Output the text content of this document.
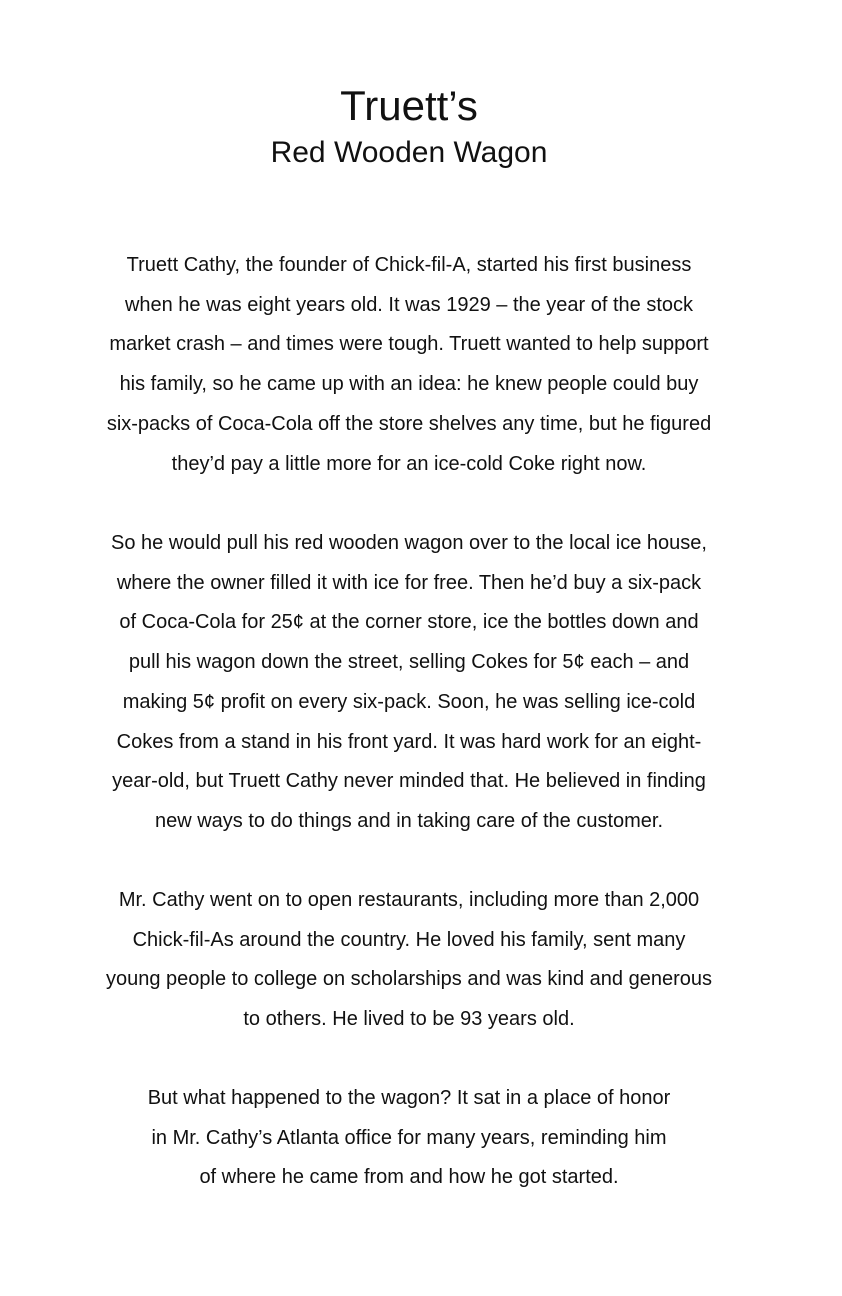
Truett’s
Red Wooden Wagon

Truett Cathy, the founder of Chick-fil-A, started his first business
when he was eight years old. It was 1929 – the year of the stock
market crash – and times were tough. Truett wanted to help support
his family, so he came up with an idea: he knew people could buy
six-packs of Coca-Cola off the store shelves any time, but he figured
they’d pay a little more for an ice-cold Coke right now.

So he would pull his red wooden wagon over to the local ice house,
where the owner filled it with ice for free. Then he’d buy a six-pack
of Coca-Cola for 25¢ at the corner store, ice the bottles down and
pull his wagon down the street, selling Cokes for 5¢ each – and
making 5¢ profit on every six-pack. Soon, he was selling ice-cold
Cokes from a stand in his front yard. It was hard work for an eight-
year-old, but Truett Cathy never minded that. He believed in finding
new ways to do things and in taking care of the customer.

Mr. Cathy went on to open restaurants, including more than 2,000
Chick-fil-As around the country. He loved his family, sent many
young people to college on scholarships and was kind and generous
to others. He lived to be 93 years old.

But what happened to the wagon? It sat in a place of honor
in Mr. Cathy’s Atlanta office for many years, reminding him
of where he came from and how he got started.
